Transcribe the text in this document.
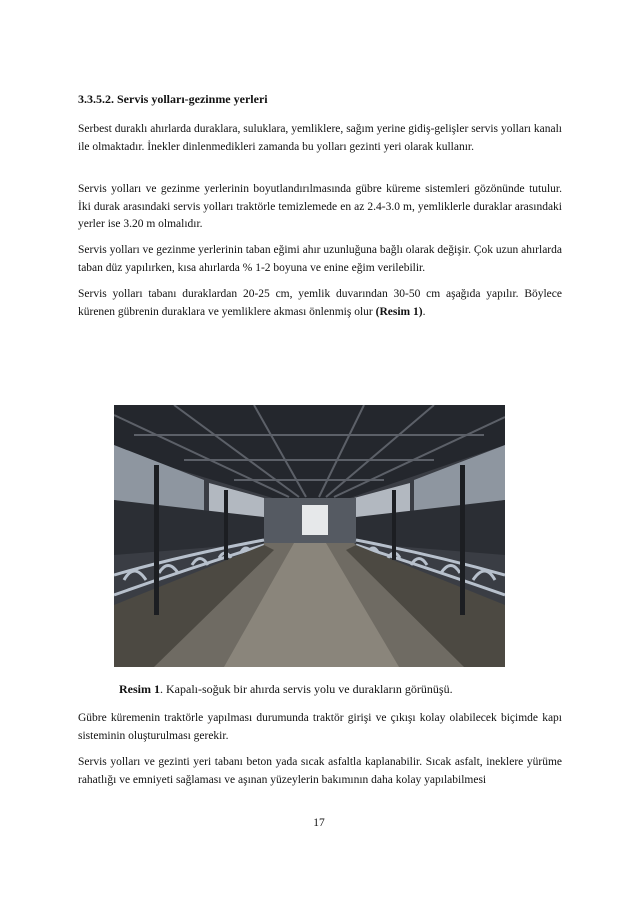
3.3.5.2. Servis yolları-gezinme yerleri
Serbest duraklı ahırlarda duraklara, suluklara, yemliklere, sağım yerine gidiş-gelişler servis yolları kanalı ile olmaktadır. İnekler dinlenmedikleri zamanda bu yolları gezinti yeri olarak kullanır.
Servis yolları ve gezinme yerlerinin boyutlandırılmasında gübre küreme sistemleri gözönünde tutulur. İki durak arasındaki servis yolları traktörle temizlemede en az 2.4-3.0 m, yemliklerle duraklar arasındaki yerler ise 3.20 m olmalıdır.
Servis yolları ve gezinme yerlerinin taban eğimi ahır uzunluğuna bağlı olarak değişir. Çok uzun ahırlarda taban düz yapılırken, kısa ahırlarda % 1-2 boyuna ve enine eğim verilebilir.
Servis yolları tabanı duraklardan 20-25 cm, yemlik duvarından 30-50 cm aşağıda yapılır. Böylece kürenen gübrenin duraklara ve yemliklere akması önlenmiş olur (Resim 1).
Resim 1. Kapalı-soğuk bir ahırda servis yolu ve durakların görünüşü.
Gübre küremenin traktörle yapılması durumunda traktör girişi ve çıkışı kolay olabilecek biçimde kapı sisteminin oluşturulması gerekir.
Servis yolları ve gezinti yeri tabanı beton yada sıcak asfaltla kaplanabilir. Sıcak asfalt, ineklere yürüme rahatlığı ve emniyeti sağlaması ve aşınan yüzeylerin bakımının daha kolay yapılabilmesi
17
